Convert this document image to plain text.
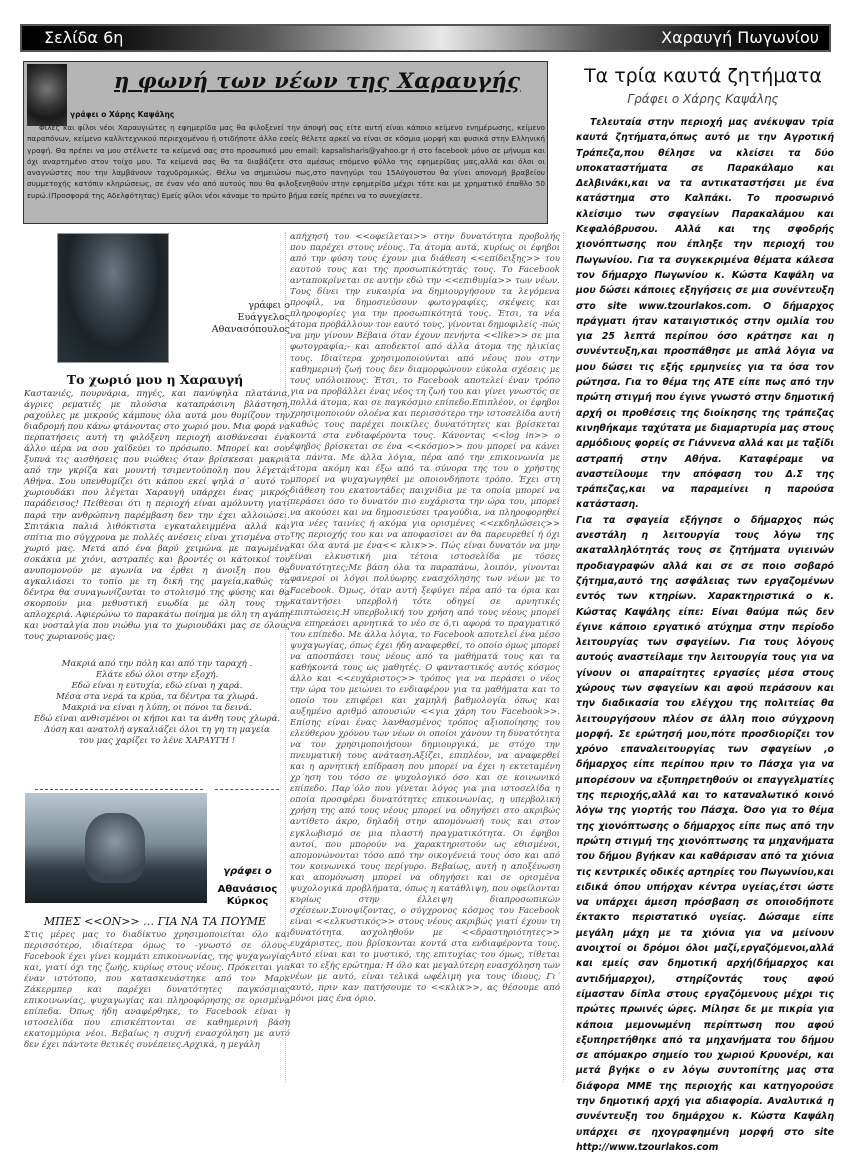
Σελίδα 6η	Χαραυγή Πωγωνίου
η φωνή των νέων της Χαραυγής
γράφει ο Χάρης Καψάλης
Φίλες και φίλοι νέοι Χαραυγιώτες η εφημερίδα μας θα φιλοξενεί την άποψή σας είτε αυτή είναι κάποιο κείμενο ενημέρωσης, κείμενο παραπόνων, κείμενο καλλιτεχνικού περιεχομένου ή οτιδήποτε άλλο εσείς θέλετε αρκεί να είναι σε κόσμια μορφή και φυσικά στην Ελληνική γραφή. Θα πρέπει να μου στέλνετε τα κείμενά σας στο προσωπικό μου email: kapsalisharis@yahoo.gr ή στο facebook μόνο σε μήνυμα και όχι αναρτημένο στον τοίχο μου. Τα κείμενά σας θα τα διαβάζετε στο αμέσως επόμενο φύλλο της εφημερίδας μας,αλλά και όλοι οι αναγνώστες που την λαμβάνουν ταχυδρομικώς. Θέλω να σημειώσω πως,στο πανηγύρι του 15Αύγουστου θα γίνει απονομή βραβείου συμμετοχής κατόπιν κληρώσεως, σε έναν νέο από αυτούς που θα φιλοξενηθούν στην εφημερίδα μέχρι τότε και με χρηματικό έπαθλο 50 ευρώ.(Προσφορά της Αδελφότητας) Εμείς φίλοι νέοι κάναμε το πρώτο βήμα εσείς πρέπει να το συνεχίσετε.
Τα τρία καυτά ζητήματα
Γράφει ο Χάρης Καψάλης

Τελευταία στην περιοχή μας ανέκυψαν τρία καυτά ζητήματα,όπως αυτό με την Αγροτική Τράπεζα,που θέλησε να κλείσει τα δύο υποκαταστήματα σε Παρακάλαμο και Δελβινάκι,και να τα αντικαταστήσει με ένα κατάστημα στο Καλπάκι. Το προσωρινό κλείσιμο των σφαγείων Παρακαλάμου και Κεφαλόβρυσου. Αλλά και της σφοδρής χιονόπτωσης που έπληξε την περιοχή του Πωγωνίου. Για τα συγκεκριμένα θέματα κάλεσα τον δήμαρχο Πωγωνίου κ. Κώστα Καψάλη να μου δώσει κάποιες εξηγήσεις σε μια συνέντευξη στο site www.tzourlakos.com. Ο δήμαρχος πράγματι ήταν καταιγιστικός στην ομιλία του για 25 λεπτά περίπου όσο κράτησε και η συνέντευξη,και προσπάθησε με απλά λόγια να μου δώσει τις εξής ερμηνείες για τα όσα τον ρώτησα. Για το θέμα της ΑΤΕ είπε πως από την πρώτη στιγμή που έγινε γνωστό στην δημοτική αρχή οι προθέσεις της διοίκησης της τράπεζας κινηθήκαμε ταχύτατα με διαμαρτυρία μας στους αρμόδιους φορείς σε Γιάννενα αλλά και με ταξίδι αστραπή στην Αθήνα. Καταφέραμε να αναστείλουμε την απόφαση του Δ.Σ της τράπεζας,και να παραμείνει η παρούσα κατάσταση.

Για τα σφαγεία εξήγησε ο δήμαρχος πώς ανεστάλη η λειτουργία τους λόγω της ακαταλληλότητάς τους σε ζητήματα υγιεινών προδιαγραφών αλλά και σε σε ποιο σοβαρό ζήτημα,αυτό της ασφάλειας των εργαζομένων εντός των κτηρίων. Χαρακτηριστικά ο κ. Κώστας Καψάλης είπε: Είναι θαύμα πώς δεν έγινε κάποιο εργατικό ατύχημα στην περίοδο λειτουργίας των σφαγείων. Για τους λόγους αυτούς αναστείλαμε την λειτουργία τους για να γίνουν οι απαραίτητες εργασίες μέσα στους χώρους των σφαγείων και αφού περάσουν και την διαδικασία του ελέγχου της πολιτείας θα λειτουργήσουν πλέον σε άλλη ποιο σύγχρονη μορφή. Σε ερώτησή μου,πότε προσδιορίζει τον χρόνο επαναλειτουργίας των σφαγείων ,ο δήμαρχος είπε περίπου πριν το Πάσχα για να μπορέσουν να εξυπηρετηθούν οι επαγγελματίες της περιοχής,αλλά και το καταναλωτικό κοινό λόγω της γιορτής του Πάσχα. Όσο για το θέμα της χιονόπτωσης ο δήμαρχος είπε πως από την πρώτη στιγμή της χιονόπτωσης τα μηχανήματα του δήμου βγήκαν και καθάρισαν από τα χιόνια τις κεντρικές οδικές αρτηρίες του Πωγωνίου,και ειδικά όπου υπήρχαν κέντρα υγείας,έτσι ώστε να υπάρχει άμεση πρόσβαση σε οποιοδήποτε έκτακτο περιστατικό υγείας. Δώσαμε είπε μεγάλη μάχη με τα χιόνια για να μείνουν ανοιχτοί οι δρόμοι όλοι μαζί,εργαζόμενοι,αλλά και εμείς σαν δημοτική αρχή(δήμαρχος και αντιδήμαρχοι), στηρίζοντάς τους αφού είμασταν δίπλα στους εργαζόμενους μέχρι τις πρώτες πρωινές ώρες. Μίλησε δε με πικρία για κάποια μεμονωμένη περίπτωση που αφού εξυπηρετήθηκε από τα μηχανήματα του δήμου σε απόμακρο σημείο του χωριού Κρυονέρι, και μετά βγήκε ο εν λόγω συντοπίτης μας στα διάφορα ΜΜΕ της περιοχής και κατηγορούσε την δημοτική αρχή για αδιαφορία. Αναλυτικά η συνέντευξη του δημάρχου κ. Κώστα Καψάλη υπάρχει σε ηχογραφημένη μορφή στο site http://www.tzourlakos.com

γράφει ο
Ευάγγελος
Αθανασόπουλος
Το χωριό μου η Χαραυγή
Καστανιές, πουρνάρια, πηγές, και πανύψηλα πλατάνια, άγριες ρεματιές με πλούσια καταπράσινη βλάστηση, ραχούλες με μικρούς κάμπους όλα αυτά μου θυμίζουν την διαδρομή που κάνω φτάνοντας στο χωριό μου. Μια φορά να περπατήσεις αυτή τη φιλόξενη περιοχή αισθάνεσαι ένα άλλο αέρα να σου χαϊδεύει το πρόσωπο. Μπορεί και σου ξυπνά τις αισθήσεις που νιώθεις όταν βρίσκεσαι μακριά από την γκρίζα και μουντή τσιμεντούπολη που λέγεται Αθήνα. Σου υπενθυμίζει ότι κάπου εκεί ψηλά σ΄ αυτό το χωριουδάκι που λέγεται Χαραυγή υπάρχει ένας μικρός παράδεισος! Πείθεσαι ότι η περιοχή είναι αμόλυντη γιατί παρά την ανθρώπινη παρέμβαση δεν την έχει αλλοιώσει. Σπιτάκια παλιά λιθόκτιστα εγκαταλειμμένα αλλά και σπίτια πιο σύγχρονα με πολλές ανέσεις είναι χτισμένα στο χωριό μας. Μετά από ένα βαρύ χειμώνα με παγωμένα σοκάκια με χιόνι, αστραπές και βροντές οι κάτοικοί του ανυπομονούν με αγωνία να έρθει η άνοιξη που θα αγκαλιάσει το τοπίο με τη δική της μαγεία,καθώς τα δέντρα θα συναγωνίζονται το στολισμό της φύσης και θα σκορπούν μια μεθυστική ευωδία με όλη τους την απλοχεριά. Αφιερώνω το παρακάτω ποίημα με όλη τη αγάπη και νοσταλγία που νιώθω για το χωριουδάκι μας σε όλους τους χωριανούς μας:
Μακριά από την πόλη και από την ταραχή .
Ελάτε εδώ όλοι στην εξοχή.
Εδώ είναι η ευτυχία, εδώ είναι η χαρά.
Μέσα στα νερά τα κρύα, τα δέντρα τα χλωρά.
Μακριά να είναι η λύπη, οι πόνοι τα δεινά.
Εδώ είναι ανθισμένοι οι κήποι και τα άνθη τους χλωρά.
Δύση και ανατολή αγκαλιάζει όλοι τη γη τη μαγεία
του μας χαρίζει το λένε ΧΑΡΑΥΓΗ !
γράφει ο
Αθανάσιος Κύρκος
ΜΠΕΣ <<ON>> … ΓΙΑ ΝΑ ΤΑ ΠΟΥΜΕ
Στις μέρες μας το διαδίκτυο χρησιμοποιείται όλο και περισσότερο, ιδιαίτερα όμως το -γνωστό σε όλους- Facebook έχει γίνει κομμάτι επικοινωνίας, της ψυχαγωγίας και, γιατί όχι της ζωής, κυρίως στους νέους. Πρόκειται για έναν ιστότοπο, που κατασκευάστηκε από τον Μαρκ Ζάκερμπερ και παρέχει δυνατότητες παγκόσμιας επικοινωνίας, ψυχαγωγίας και πληροφόρησης σε ορισμένα επίπεδα. Όπως ήδη αναφέρθηκε, το Facebook είναι η ιστοσελίδα που επισκέπτονται σε καθημερινή βάση εκατομμύρια νέοι. Βεβαίως η συχνή ενασχόληση με αυτό δεν έχει πάντοτε θετικές συνέπειες.Αρχικά, η μεγάλη
απήχησή του <<οφείλεται>> στην δυνατότητα προβολής που παρέχει στους νέους. Τα άτομα αυτά, κυρίως οι έφηβοι από την φύση τους έχουν μια διάθεση <<επίδειξης>> του εαυτού τους και της προσωπικότητάς τους. Το Facebook ανταποκρίνεται σε αυτήν εδώ την <<επιθυμία>> των νέων. Τους δίνει την ευκαιρία να δημιουργήσουν τα λεγόμενα προφίλ, να δημοσιεύσουν φωτογραφίες, σκέψεις και πληροφορίες για την προσωπικότητά τους. Έτσι, τα νέα άτομα προβάλλουν τον εαυτό τους, γίνονται δημοφιλείς -πώς να μην γίνουν Βέβαια όταν έχουν πενήντα <<like>> σε μια φωτογραφία;- και αποδεκτοί από άλλα άτομα της ηλικίας τους. Ιδιαίτερα χρησιμοποιούνται από νέους που στην καθημερινή ζωή τους δεν διαμορφώνουν εύκολα σχέσεις με τους υπόλοιπους. Έτσι, το Facebook αποτελεί έναν τρόπο για να προβάλλει ένας νέος τη ζωή του και γίνει γνωστός σε πολλά άτομα, και σε παγκόσμιο επίπεδο.Επιπλέον, οι έφηβοι χρησιμοποιούν ολοένα και περισσότερο την ιστοσελίδα αυτή καθώς τους παρέχει ποικίλες δυνατότητες και βρίσκεται κοντά στα ενδιαφέροντα τους. Κάνοντας <<log in>> ο έφηβος βρίσκεται σε ένα <<κόσμο>> που μπορεί να κάνει τα πάντα. Με άλλα λόγια, πέρα από την επικοινωνία με άτομα ακόμη και έξω από τα σύνορα της του ο χρήστης μπορεί να ψυχαγωγηθεί με οποιονδήποτε τρόπο. Έχει στη διάθεση του εκατοντάδες παιχνίδια με τα οποία μπορεί να περάσει όσο το δυνατόν πιο ευχάριστα την ώρα του, μπορεί να ακούσει και να δημοσιεύσει τραγούδια, να πληροφορηθεί για νέες ταινίες ή ακόμα για ορισμένες <<εκδηλώσεις>> της περιοχής του και να αποφασίσει αν θα παρευρεθεί ή όχι και όλα αυτά με ένα<< κλικ>>. Πώς είναι δυνατόν να μην είναι ελκυστική μια τέτοια ιστοσελίδα με τόσες δυνατότητες;Με βάση όλα τα παραπάνω, λοιπόν, γίνονται φανεροί οι λόγοι πολύωρης ενασχόλησης των νέων με το Facebook. Όμως, όταν αυτή ξεφύγει πέρα από τα όρια και καταντήσει υπερβολή τότε οδηγεί σε αρνητικές επιπτώσεις.Η υπερβολική του χρήση από τους νέους μπορεί να επηρεάσει αρνητικά το νέο σε ό,τι αφορά το πραγματικό του επίπεδο. Με άλλα λόγια, το Facebook αποτελεί ένα μέσο ψυχαγωγίας, όπως έχει ήδη αναφερθεί, το οποίο όμως μπορεί να αποσπάσει τους νέους από τα μαθήματά τους και τα καθήκοντά τους ως μαθητές. Ο φανταστικός αυτός κόσμος άλλο και <<ευχάριστος>> τρόπος για να περάσει ο νέος την ώρα του μειώνει το ενδιαφέρον για τα μαθήματα και το οποίο του επιφέρει και χαμηλή βαθμολογία όπως και αυξημένο αριθμό απουσιών <<για χάρη του Facebook>>. Επίσης είναι ένας λανθασμένος τρόπος αξιοποίησης του ελεύθερου χρόνου των νέων οι οποίοι χάνουν τη δυνατότητα να τον χρησιμοποιήσουν δημιουργικά, με στόχο την πνευματική τους ανάταση.Αξίζει, επιπλέον, να αναφερθεί και η αρνητική επίδραση που μπορεί να έχει η εκτεταμένη χρ΄ηση του τόσο σε ψυχολογικό όσο και σε κοινωνικό επίπεδο. Παρ΄όλο που γίνεται λόγος για μια ιστοσελίδα η οποία προσφέρει δυνατότητες επικοινωνίας, η υπερβολική χρήση της από τους νέους μπορεί να οδηγήσει στο ακριβώς αντίθετο άκρο, δηλαδή στην απομόνωσή τους και στον εγκλωβισμό σε μια πλαστή πραγματικότητα. Οι έφηβοι αυτοί, που μπορούν να χαρακτηριστούν ως εθισμένοι, απομονώνονται τόσο από την οικογένειά τους όσο και από τον κοινωνικό τους περίγυρο. Βεβαίως, αυτή η αποξένωση και απομόνωση μπορεί να οδηγήσει και σε ορισμένα ψυχολογικά προβλήματα, όπως η κατάθλιψη, που οφείλονται κυρίως στην έλλειψη διαπροσωπικών σχέσεων.Συνοψίζοντας, ο σύγχρονος κόσμος του Facebook είναι <<ελκυστικός>> στους νέους ακριβώς γιατί έχουν τη δυνατότητα ασχοληθούν με <<δραστηριότητες>> ευχάριστες, που βρίσκονται κοντά στα ενδιαφέροντα τους. Αυτό είναι και το μυστικό, της επιτυχίας του όμως, τίθεται και το εξής ερώτημα: Η όλο και μεγαλύτερη ενασχόληση των νέων με αυτό, είναι τελικά ωφέλιμη για τους ίδιους; Γι΄ αυτό, πριν καν πατήσουμε το <<κλικ>>, ας θέσουμε από μόνοι μας ένα όριο.
